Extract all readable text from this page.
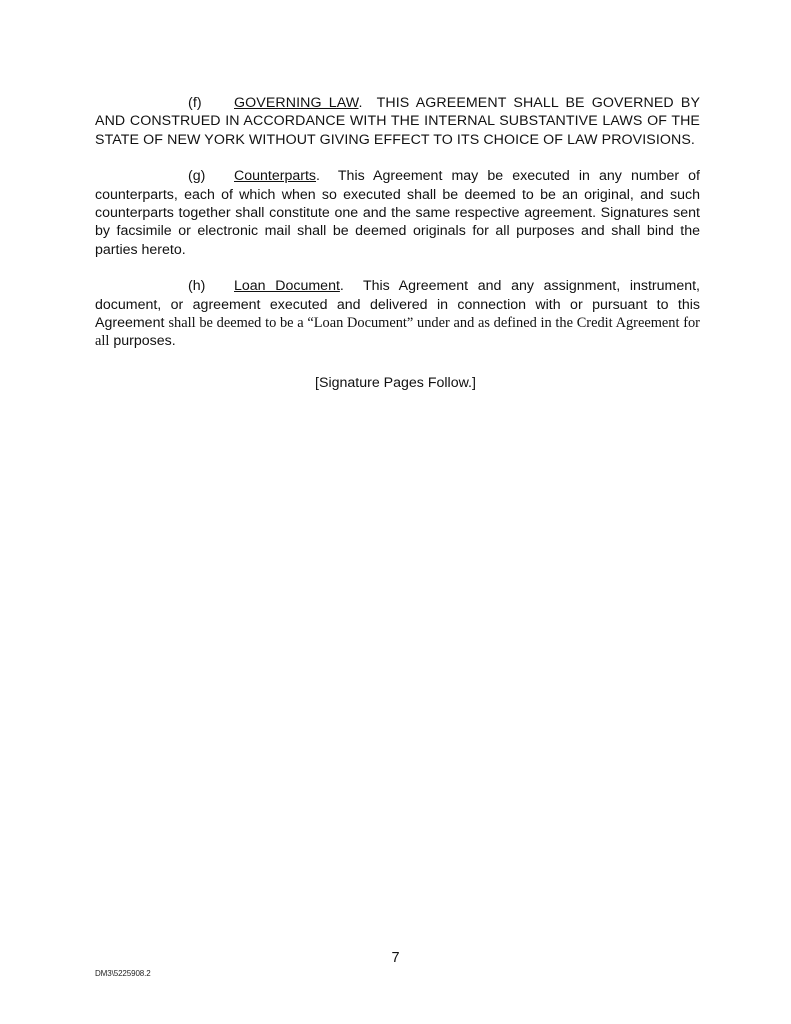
(f) GOVERNING LAW. THIS AGREEMENT SHALL BE GOVERNED BY AND CONSTRUED IN ACCORDANCE WITH THE INTERNAL SUBSTANTIVE LAWS OF THE STATE OF NEW YORK WITHOUT GIVING EFFECT TO ITS CHOICE OF LAW PROVISIONS.

(g) Counterparts. This Agreement may be executed in any number of counterparts, each of which when so executed shall be deemed to be an original, and such counterparts together shall constitute one and the same respective agreement. Signatures sent by facsimile or electronic mail shall be deemed originals for all purposes and shall bind the parties hereto.

(h) Loan Document. This Agreement and any assignment, instrument, document, or agreement executed and delivered in connection with or pursuant to this Agreement shall be deemed to be a “Loan Document” under and as defined in the Credit Agreement for all purposes.

[Signature Pages Follow.]
7
DM3\5225908.2
